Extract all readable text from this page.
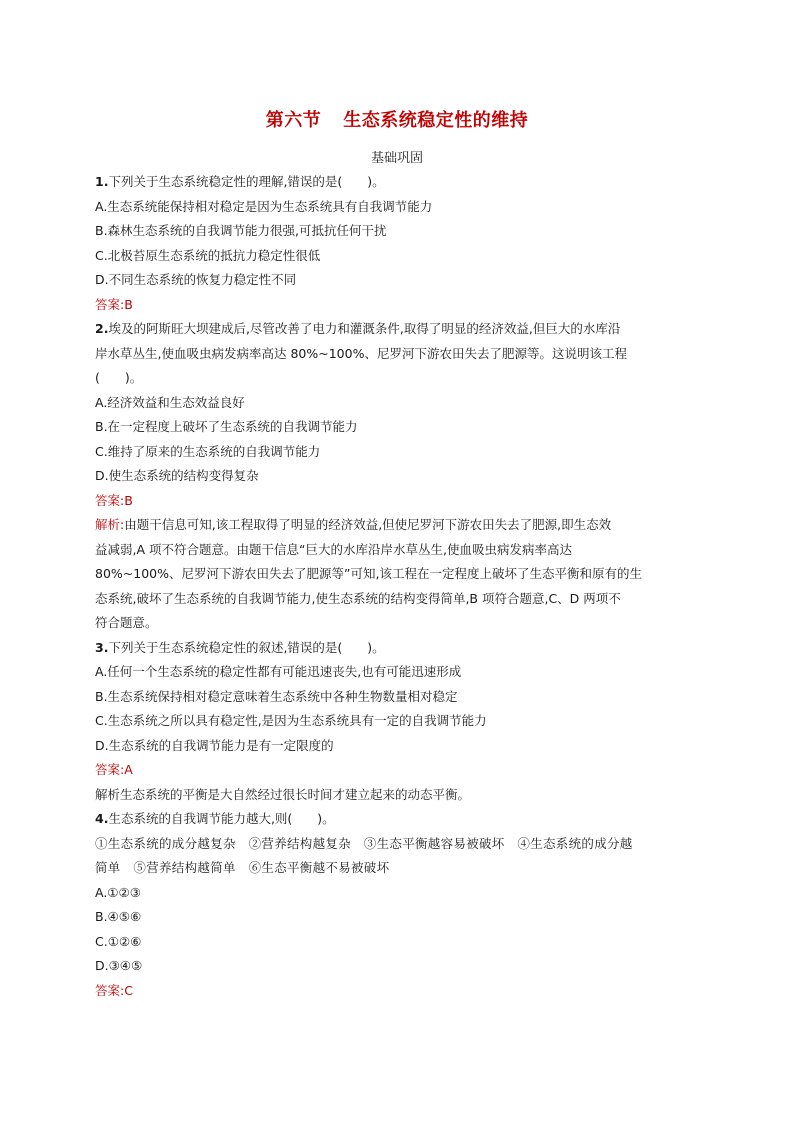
第六节 生态系统稳定性的维持
基础巩固
1.下列关于生态系统稳定性的理解,错误的是(　　)。
A.生态系统能保持相对稳定是因为生态系统具有自我调节能力
B.森林生态系统的自我调节能力很强,可抵抗任何干扰
C.北极苔原生态系统的抵抗力稳定性很低
D.不同生态系统的恢复力稳定性不同
答案:B
2.埃及的阿斯旺大坝建成后,尽管改善了电力和灌溉条件,取得了明显的经济效益,但巨大的水库沿
岸水草丛生,使血吸虫病发病率高达 80%~100%、尼罗河下游农田失去了肥源等。这说明该工程
(　　)。
A.经济效益和生态效益良好
B.在一定程度上破坏了生态系统的自我调节能力
C.维持了原来的生态系统的自我调节能力
D.使生态系统的结构变得复杂
答案:B
解析:由题干信息可知,该工程取得了明显的经济效益,但使尼罗河下游农田失去了肥源,即生态效
益减弱,A 项不符合题意。由题干信息“巨大的水库沿岸水草丛生,使血吸虫病发病率高达
80%~100%、尼罗河下游农田失去了肥源等”可知,该工程在一定程度上破坏了生态平衡和原有的生
态系统,破坏了生态系统的自我调节能力,使生态系统的结构变得简单,B 项符合题意,C、D 两项不
符合题意。
3.下列关于生态系统稳定性的叙述,错误的是(　　)。
A.任何一个生态系统的稳定性都有可能迅速丧失,也有可能迅速形成
B.生态系统保持相对稳定意味着生态系统中各种生物数量相对稳定
C.生态系统之所以具有稳定性,是因为生态系统具有一定的自我调节能力
D.生态系统的自我调节能力是有一定限度的
答案:A
解析生态系统的平衡是大自然经过很长时间才建立起来的动态平衡。
4.生态系统的自我调节能力越大,则(　　)。
①生态系统的成分越复杂　②营养结构越复杂　③生态平衡越容易被破坏　④生态系统的成分越
简单　⑤营养结构越简单　⑥生态平衡越不易被破坏
A.①②③
B.④⑤⑥
C.①②⑥
D.③④⑤
答案:C
